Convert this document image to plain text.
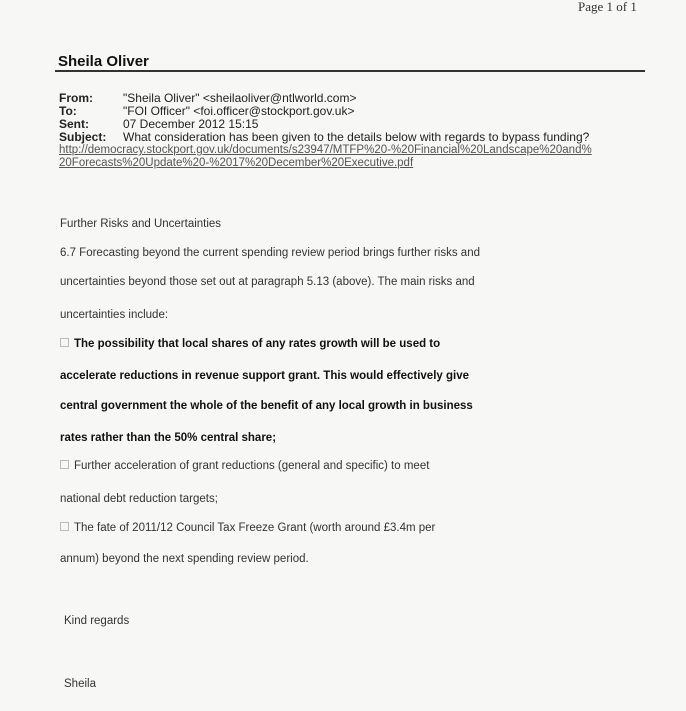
Page 1 of 1
Sheila Oliver
From:	"Sheila Oliver" <sheilaoliver@ntlworld.com>
To:	"FOI Officer" <foi.officer@stockport.gov.uk>
Sent:	07 December 2012 15:15
Subject: What consideration has been given to the details below with regards to bypass funding?
http://democracy.stockport.gov.uk/documents/s23947/MTFP%20-%20Financial%20Landscape%20and%
20Forecasts%20Update%20-%2017%20December%20Executive.pdf
Further Risks and Uncertainties
6.7 Forecasting beyond the current spending review period brings further risks and
uncertainties beyond those set out at paragraph 5.13 (above). The main risks and
uncertainties include:
The possibility that local shares of any rates growth will be used to
accelerate reductions in revenue support grant. This would effectively give
central government the whole of the benefit of any local growth in business
rates rather than the 50% central share;
Further acceleration of grant reductions (general and specific) to meet
national debt reduction targets;
The fate of 2011/12 Council Tax Freeze Grant (worth around £3.4m per
annum) beyond the next spending review period.
Kind regards
Sheila
